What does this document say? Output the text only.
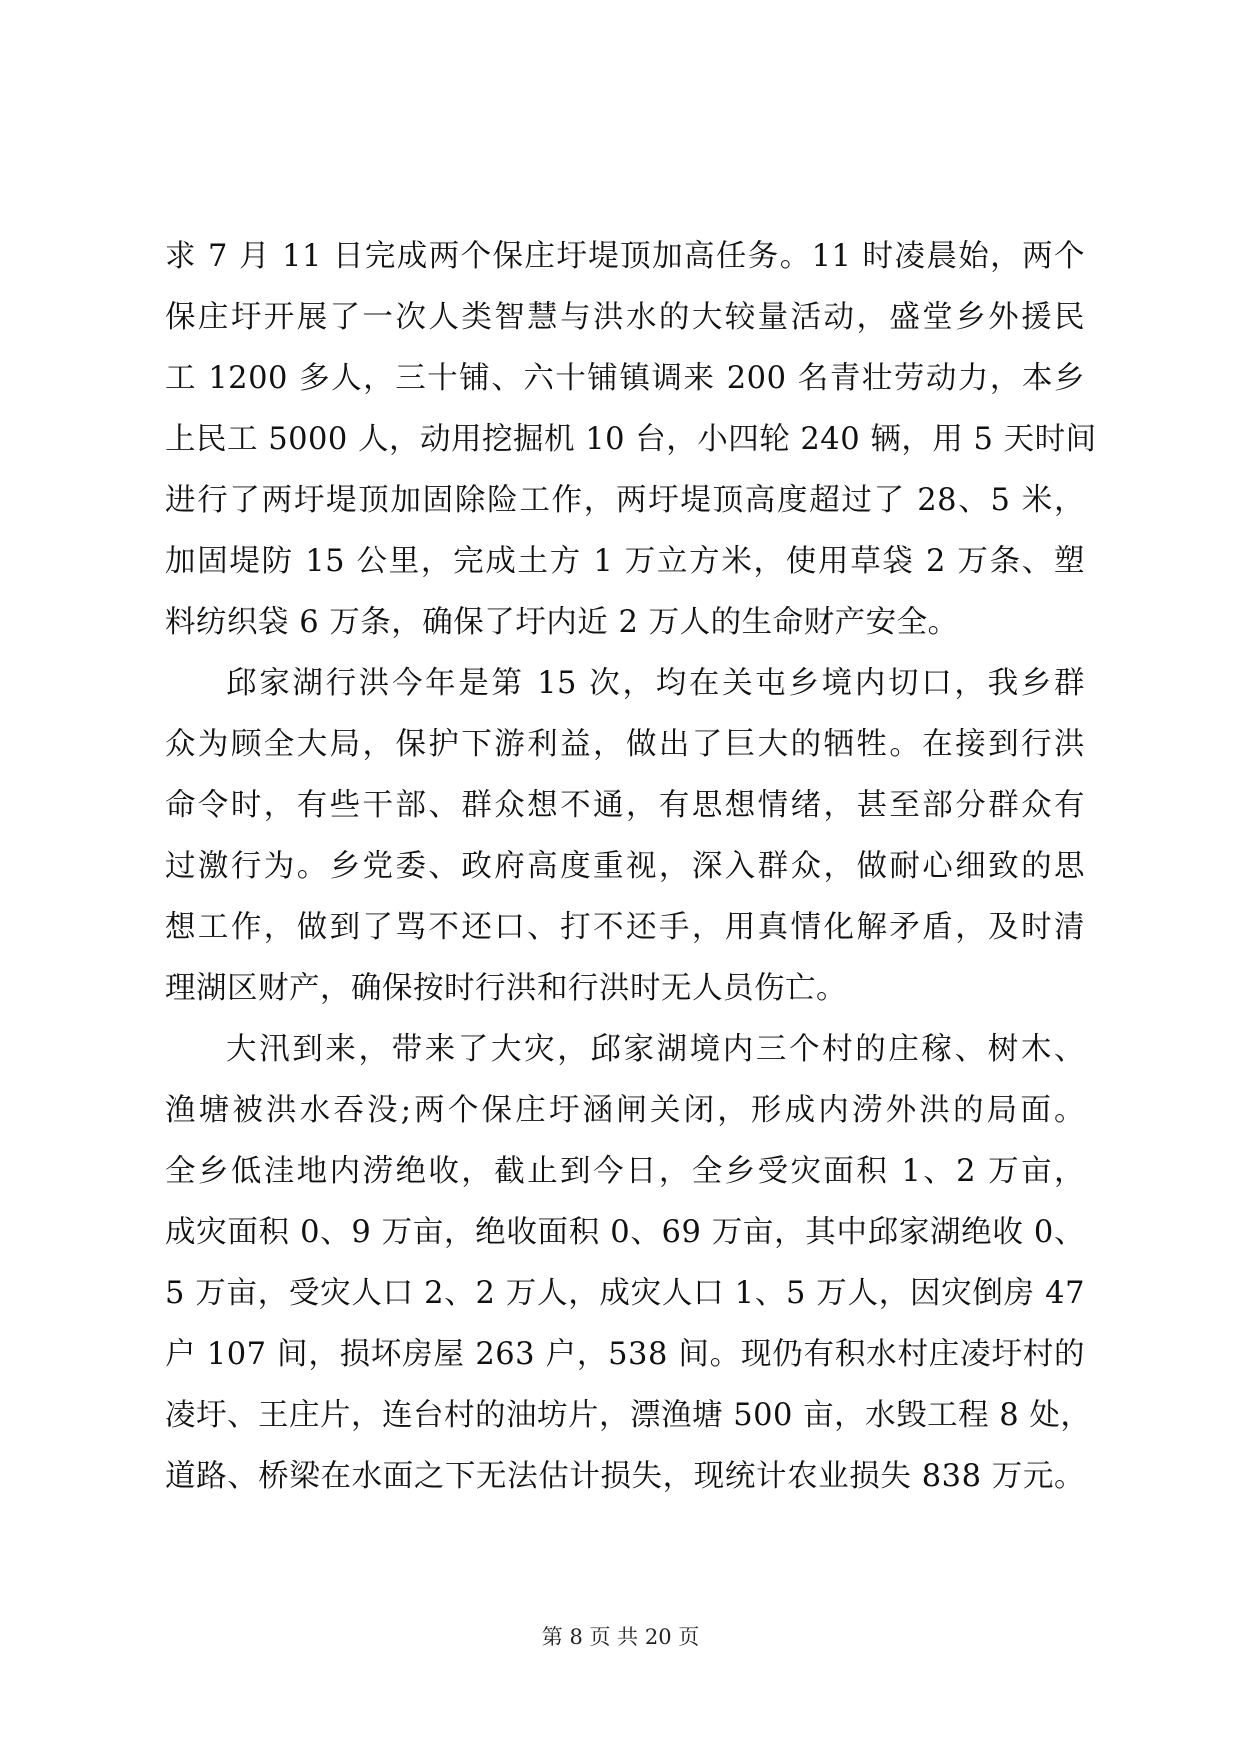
求 7 月 11 日完成两个保庄圩堤顶加高任务。11 时凌晨始，两个
保庄圩开展了一次人类智慧与洪水的大较量活动，盛堂乡外援民
工 1200 多人，三十铺、六十铺镇调来 200 名青壮劳动力，本乡
上民工 5000 人，动用挖掘机 10 台，小四轮 240 辆，用 5 天时间
进行了两圩堤顶加固除险工作，两圩堤顶高度超过了 28、5 米，
加固堤防 15 公里，完成土方 1 万立方米，使用草袋 2 万条、塑
料纺织袋 6 万条，确保了圩内近 2 万人的生命财产安全。
邱家湖行洪今年是第 15 次，均在关屯乡境内切口，我乡群
众为顾全大局，保护下游利益，做出了巨大的牺牲。在接到行洪
命令时，有些干部、群众想不通，有思想情绪，甚至部分群众有
过激行为。乡党委、政府高度重视，深入群众，做耐心细致的思
想工作，做到了骂不还口、打不还手，用真情化解矛盾，及时清
理湖区财产，确保按时行洪和行洪时无人员伤亡。
大汛到来，带来了大灾，邱家湖境内三个村的庄稼、树木、
渔塘被洪水吞没;两个保庄圩涵闸关闭，形成内涝外洪的局面。
全乡低洼地内涝绝收，截止到今日，全乡受灾面积 1、2 万亩，
成灾面积 0、9 万亩，绝收面积 0、69 万亩，其中邱家湖绝收 0、
5 万亩，受灾人口 2、2 万人，成灾人口 1、5 万人，因灾倒房 47
户 107 间，损坏房屋 263 户，538 间。现仍有积水村庄凌圩村的
凌圩、王庄片，连台村的油坊片，漂渔塘 500 亩，水毁工程 8 处，
道路、桥梁在水面之下无法估计损失，现统计农业损失 838 万元。
第 8 页 共 20 页
